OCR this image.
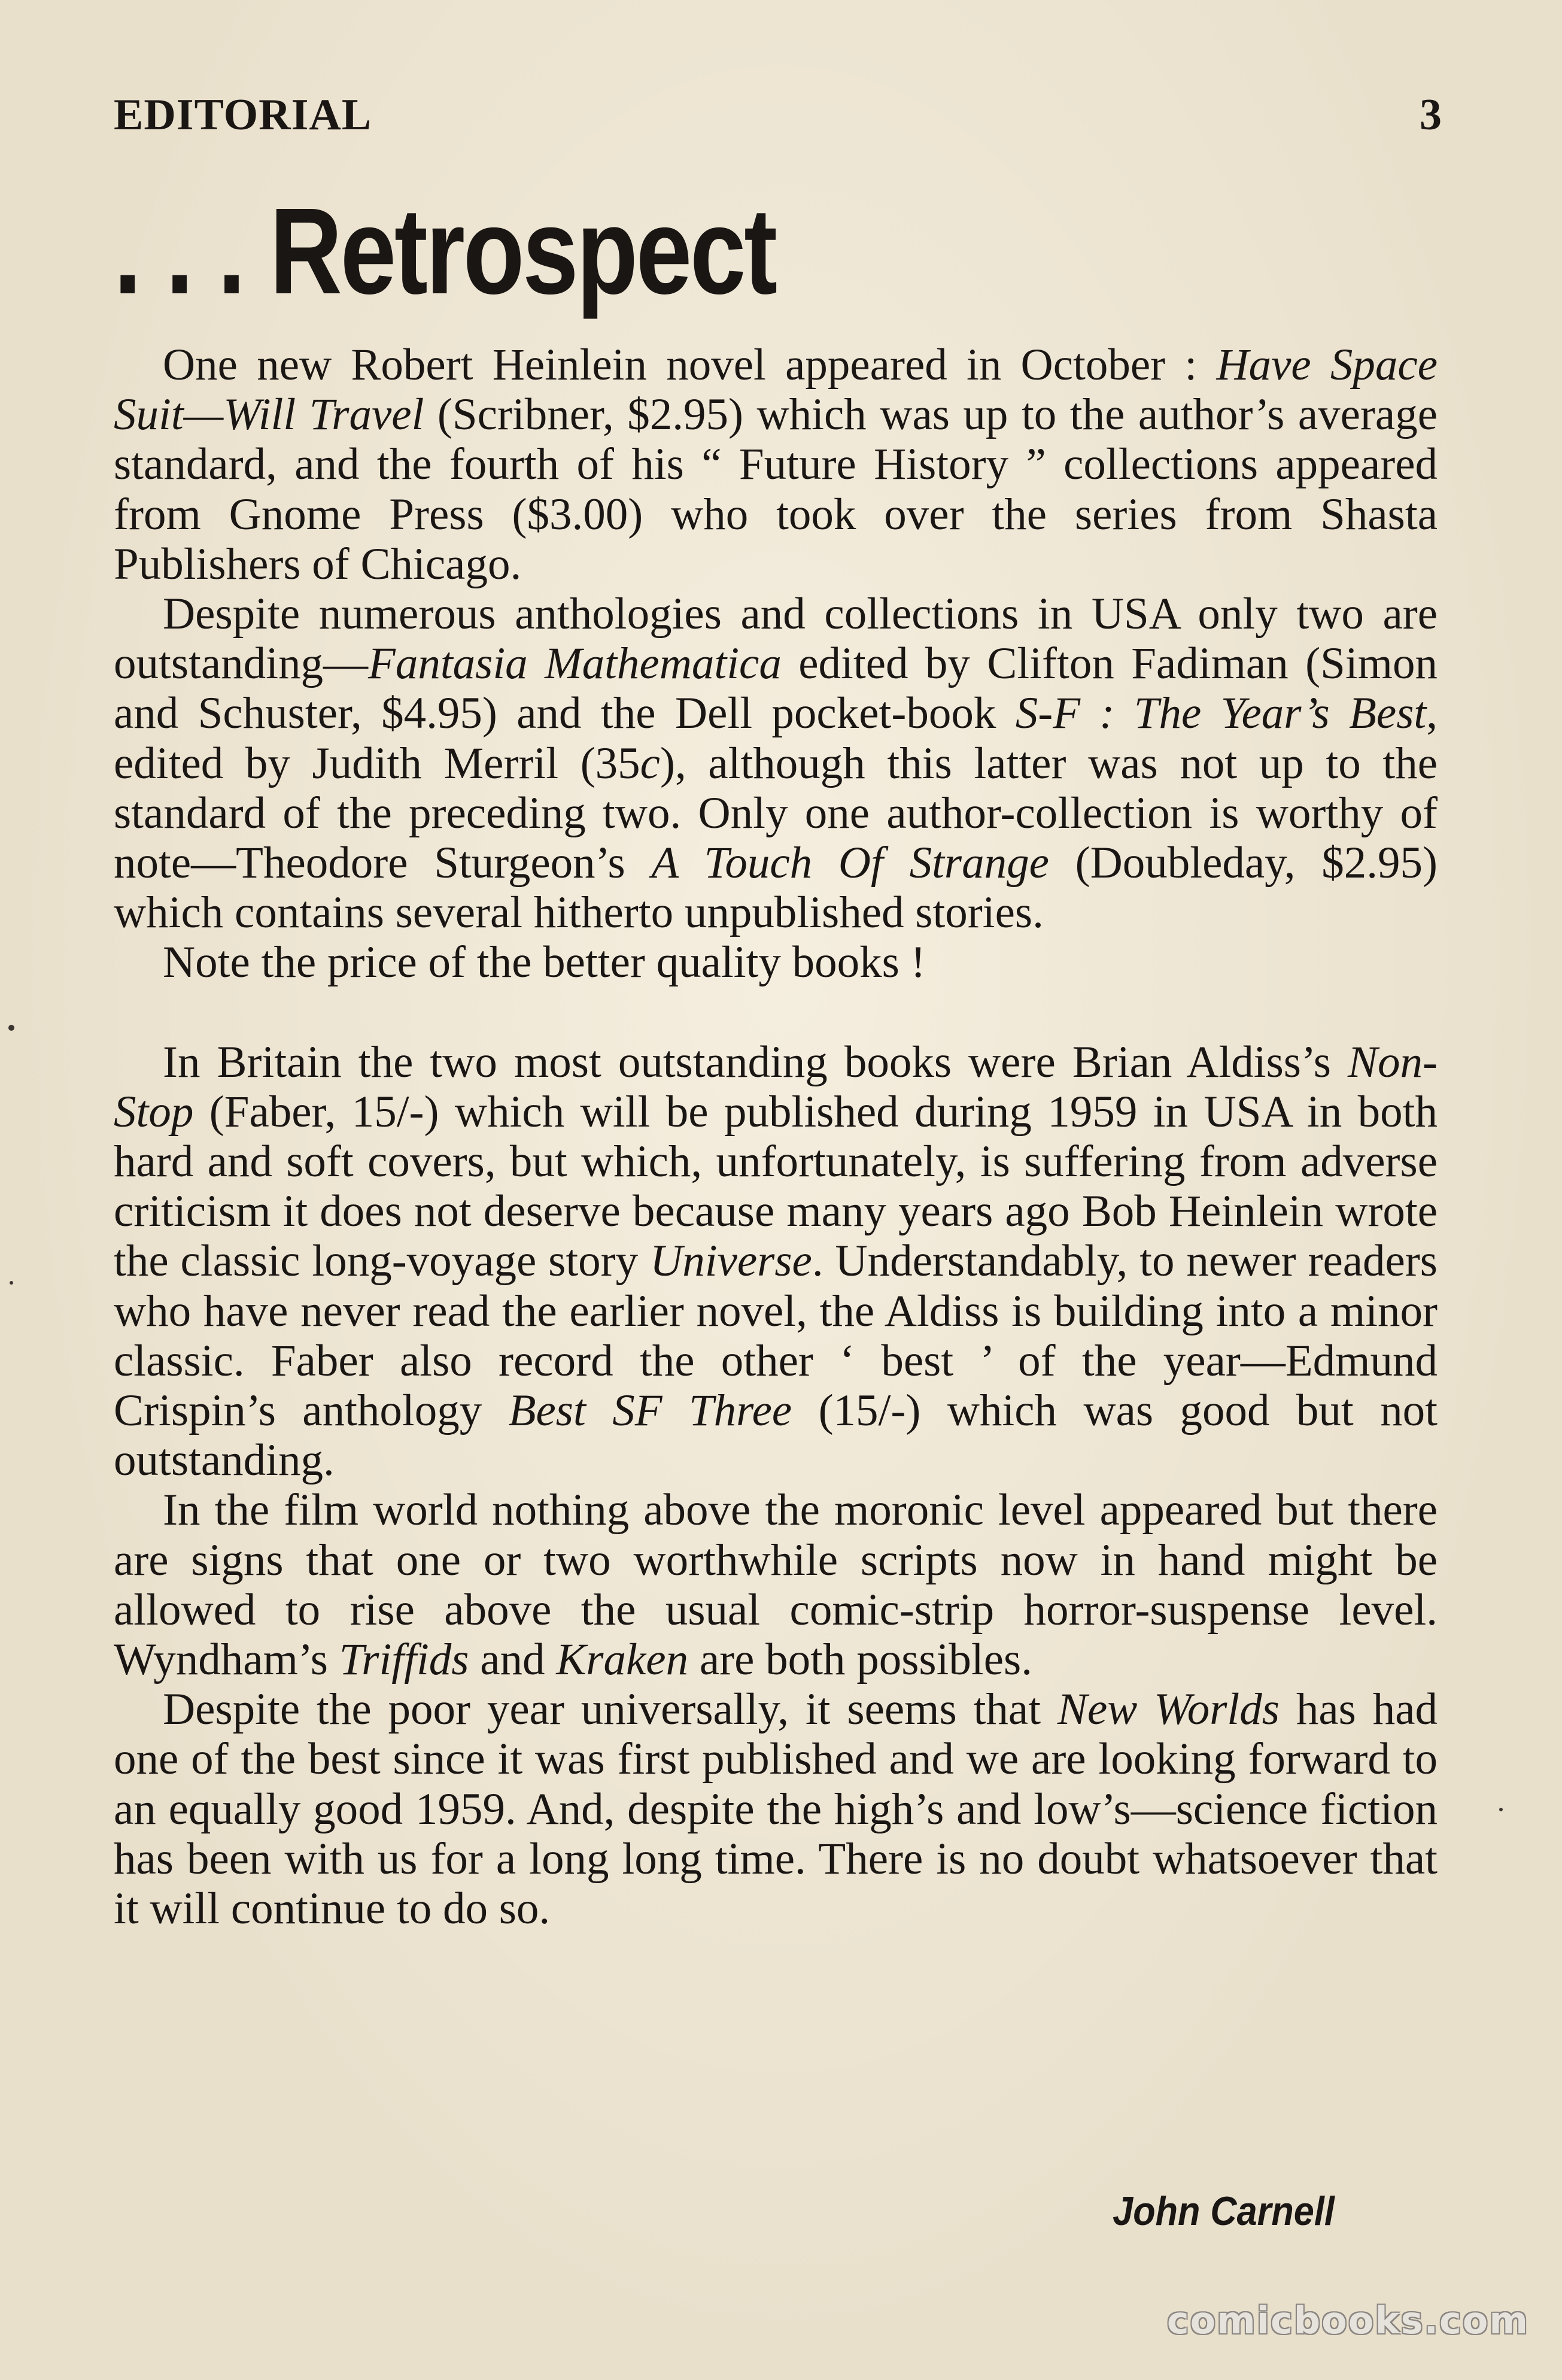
EDITORIAL	3
. . . Retrospect

One new Robert Heinlein novel appeared in October : Have Space Suit—Will Travel (Scribner, $2.95) which was up to the author’s average standard, and the fourth of his “ Future History ” collections appeared from Gnome Press ($3.00) who took over the series from Shasta Publishers of Chicago.

Despite numerous anthologies and collections in USA only two are outstanding—Fantasia Mathematica edited by Clifton Fadiman (Simon and Schuster, $4.95) and the Dell pocket-book S-F : The Year’s Best, edited by Judith Merril (35c), although this latter was not up to the standard of the preceding two. Only one author-collection is worthy of note—Theodore Sturgeon’s A Touch Of Strange (Doubleday, $2.95) which contains several hitherto unpublished stories.

Note the price of the better quality books !

In Britain the two most outstanding books were Brian Aldiss’s Non-Stop (Faber, 15/-) which will be published during 1959 in USA in both hard and soft covers, but which, unfortunately, is suffering from adverse criticism it does not deserve because many years ago Bob Heinlein wrote the classic long-voyage story Universe. Understandably, to newer readers who have never read the earlier novel, the Aldiss is building into a minor classic. Faber also record the other ‘ best ’ of the year—Edmund Crispin’s anthology Best SF Three (15/-) which was good but not outstanding.

In the film world nothing above the moronic level appeared but there are signs that one or two worthwhile scripts now in hand might be allowed to rise above the usual comic-strip horror-suspense level. Wyndham’s Triffids and Kraken are both possibles.

Despite the poor year universally, it seems that New Worlds has had one of the best since it was first published and we are looking forward to an equally good 1959. And, despite the high’s and low’s—science fiction has been with us for a long long time. There is no doubt whatsoever that it will continue to do so.

John Carnell
comicbooks.com
